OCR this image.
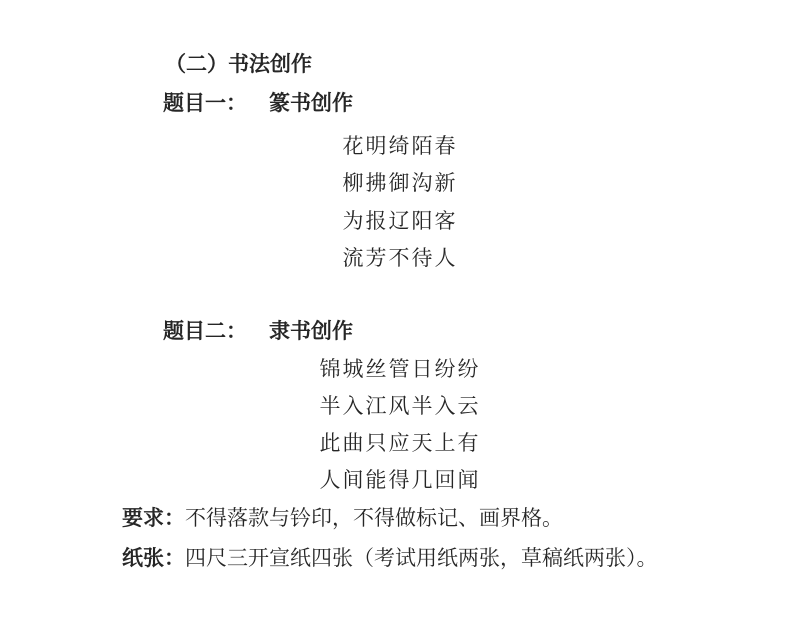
（二）书法创作
题目一： 篆书创作
花明绮陌春
柳拂御沟新
为报辽阳客
流芳不待人
题目二： 隶书创作
锦城丝管日纷纷
半入江风半入云
此曲只应天上有
人间能得几回闻
要求：不得落款与钤印，不得做标记、画界格。
纸张：四尺三开宣纸四张（考试用纸两张，草稿纸两张）。
